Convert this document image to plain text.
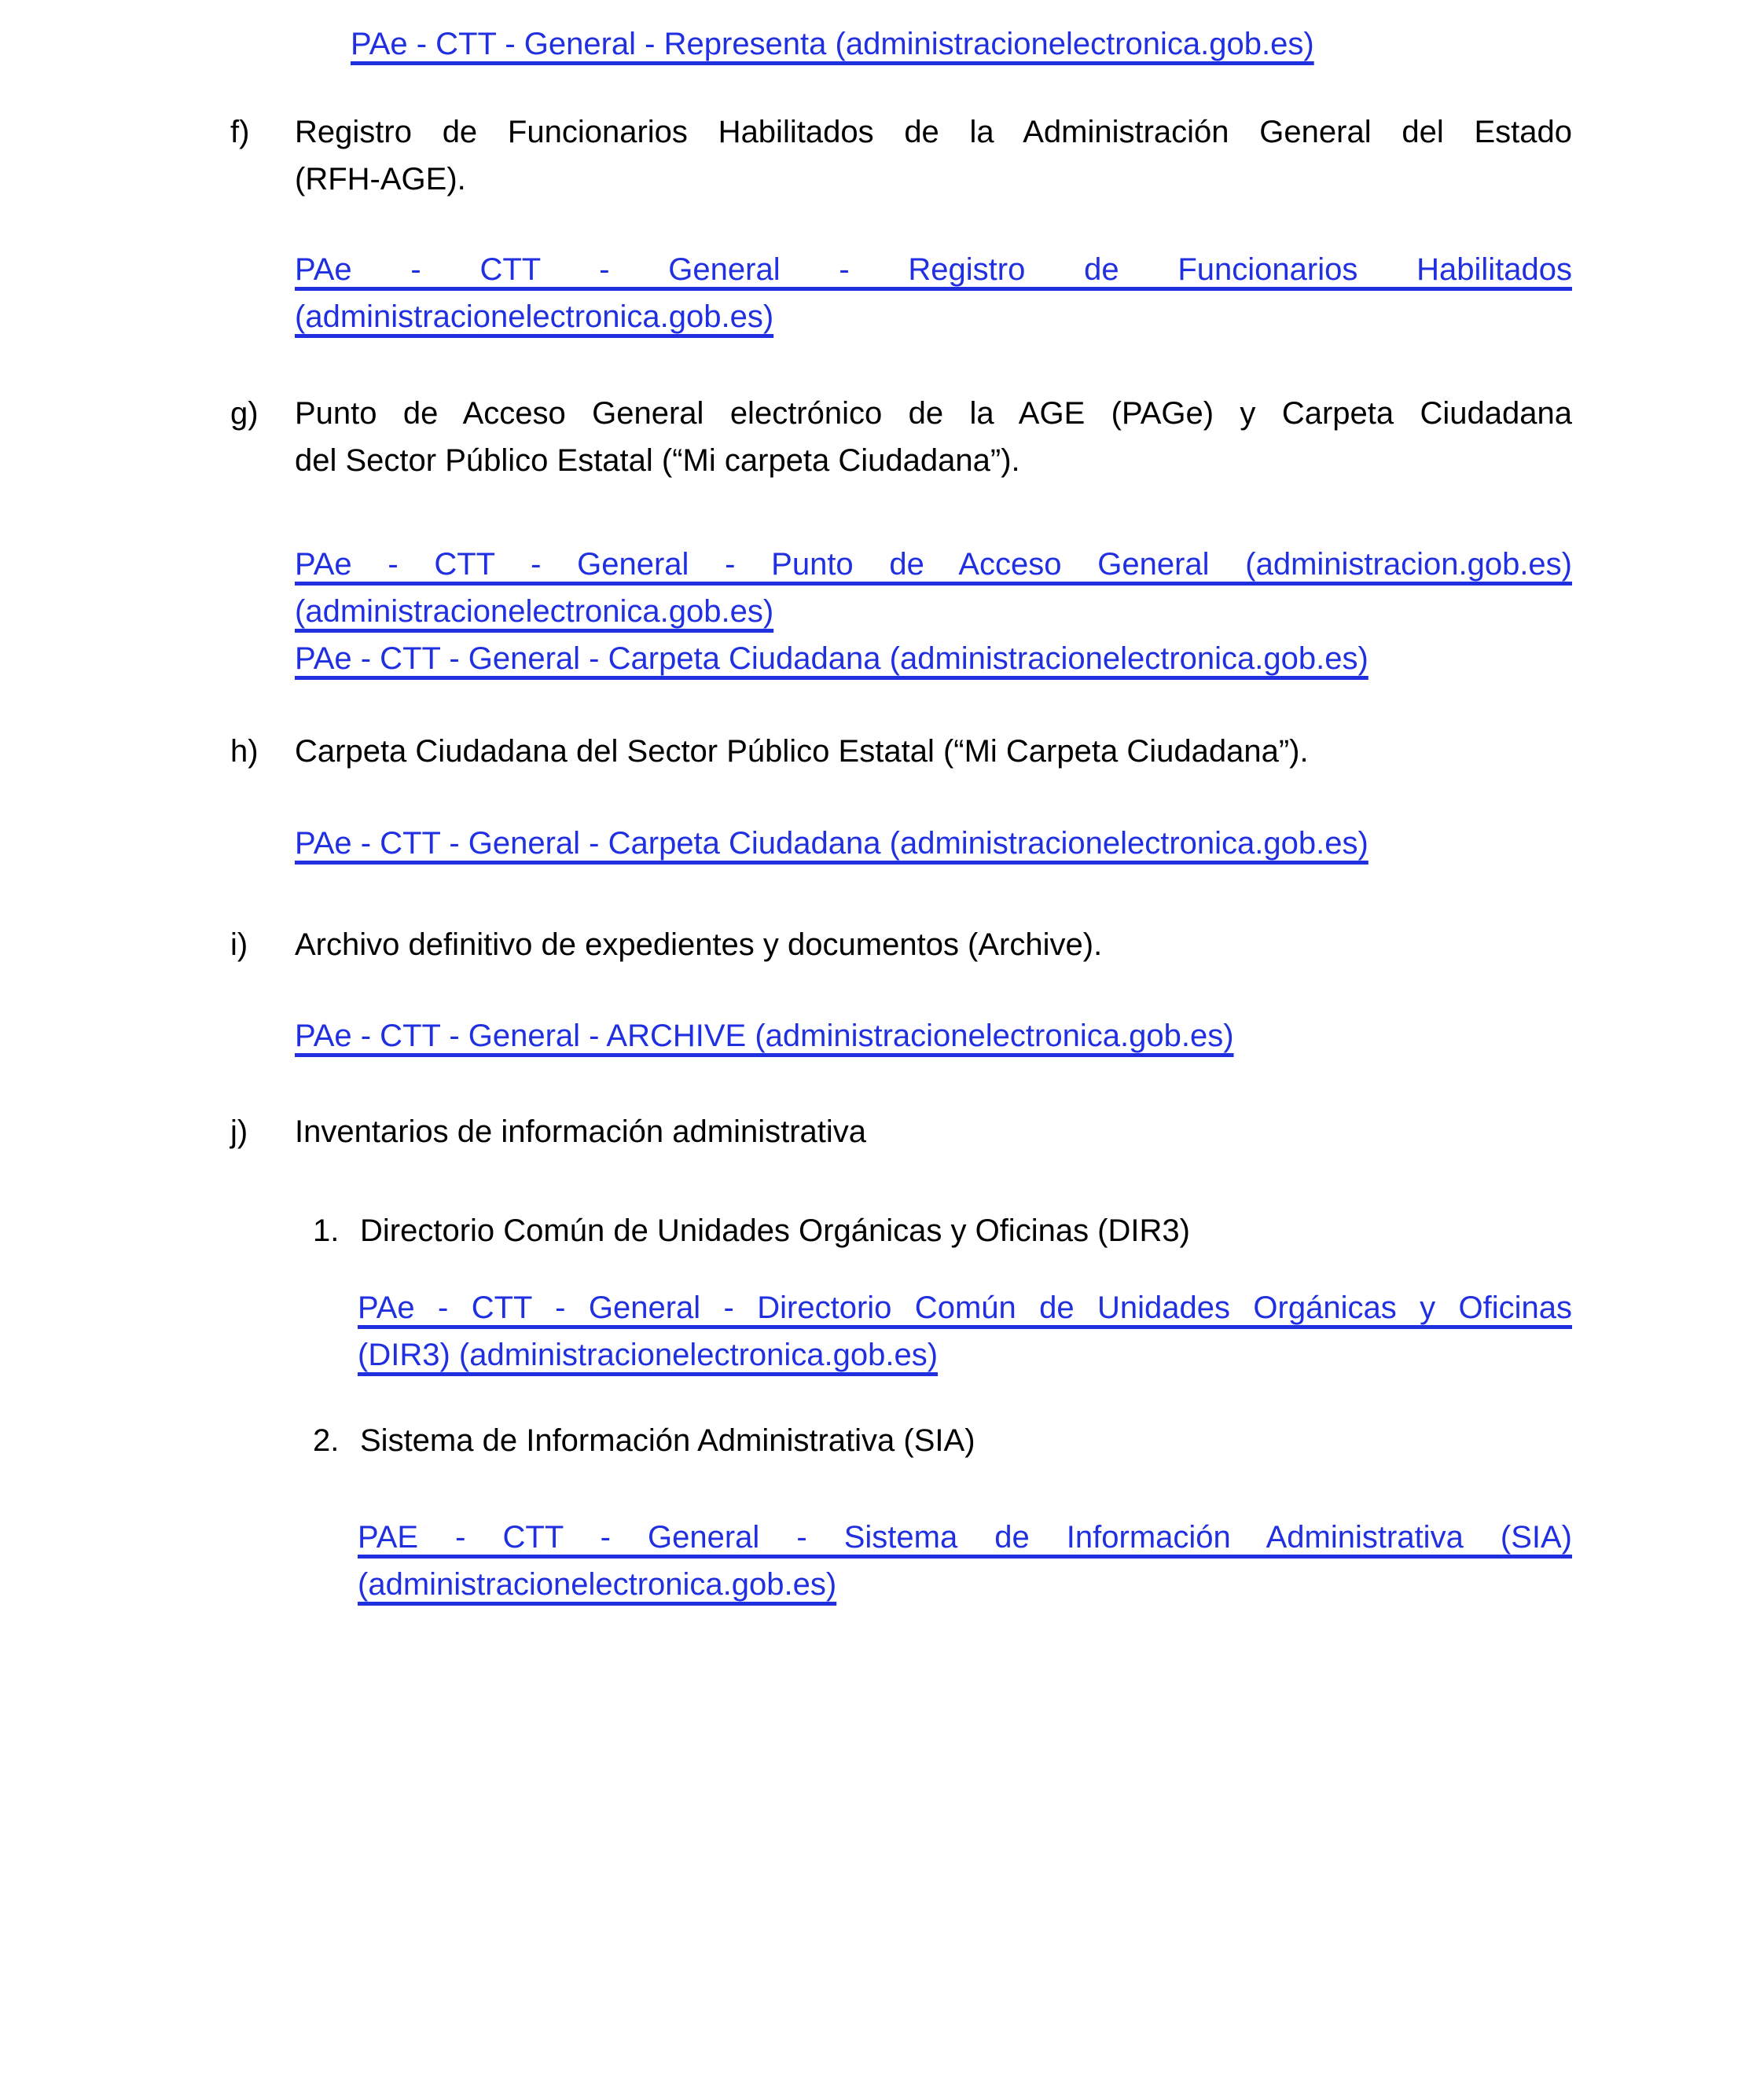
PAe - CTT - General - Representa (administracionelectronica.gob.es)
f)	Registro de Funcionarios Habilitados de la Administración General del Estado
(RFH-AGE).
PAe - CTT - General - Registro de Funcionarios Habilitados
(administracionelectronica.gob.es)
g)	Punto de Acceso General electrónico de la AGE (PAGe) y Carpeta Ciudadana
del Sector Público Estatal (“Mi carpeta Ciudadana”).
PAe - CTT - General - Punto de Acceso General (administracion.gob.es)
(administracionelectronica.gob.es)
PAe - CTT - General - Carpeta Ciudadana (administracionelectronica.gob.es)
h)	Carpeta Ciudadana del Sector Público Estatal (“Mi Carpeta Ciudadana”).
PAe - CTT - General - Carpeta Ciudadana (administracionelectronica.gob.es)
i)	Archivo definitivo de expedientes y documentos (Archive).
PAe - CTT - General - ARCHIVE (administracionelectronica.gob.es)
j)	Inventarios de información administrativa
1. Directorio Común de Unidades Orgánicas y Oficinas (DIR3)
PAe - CTT - General - Directorio Común de Unidades Orgánicas y Oficinas
(DIR3) (administracionelectronica.gob.es)
2. Sistema de Información Administrativa (SIA)
PAE - CTT - General - Sistema de Información Administrativa (SIA)
(administracionelectronica.gob.es)
